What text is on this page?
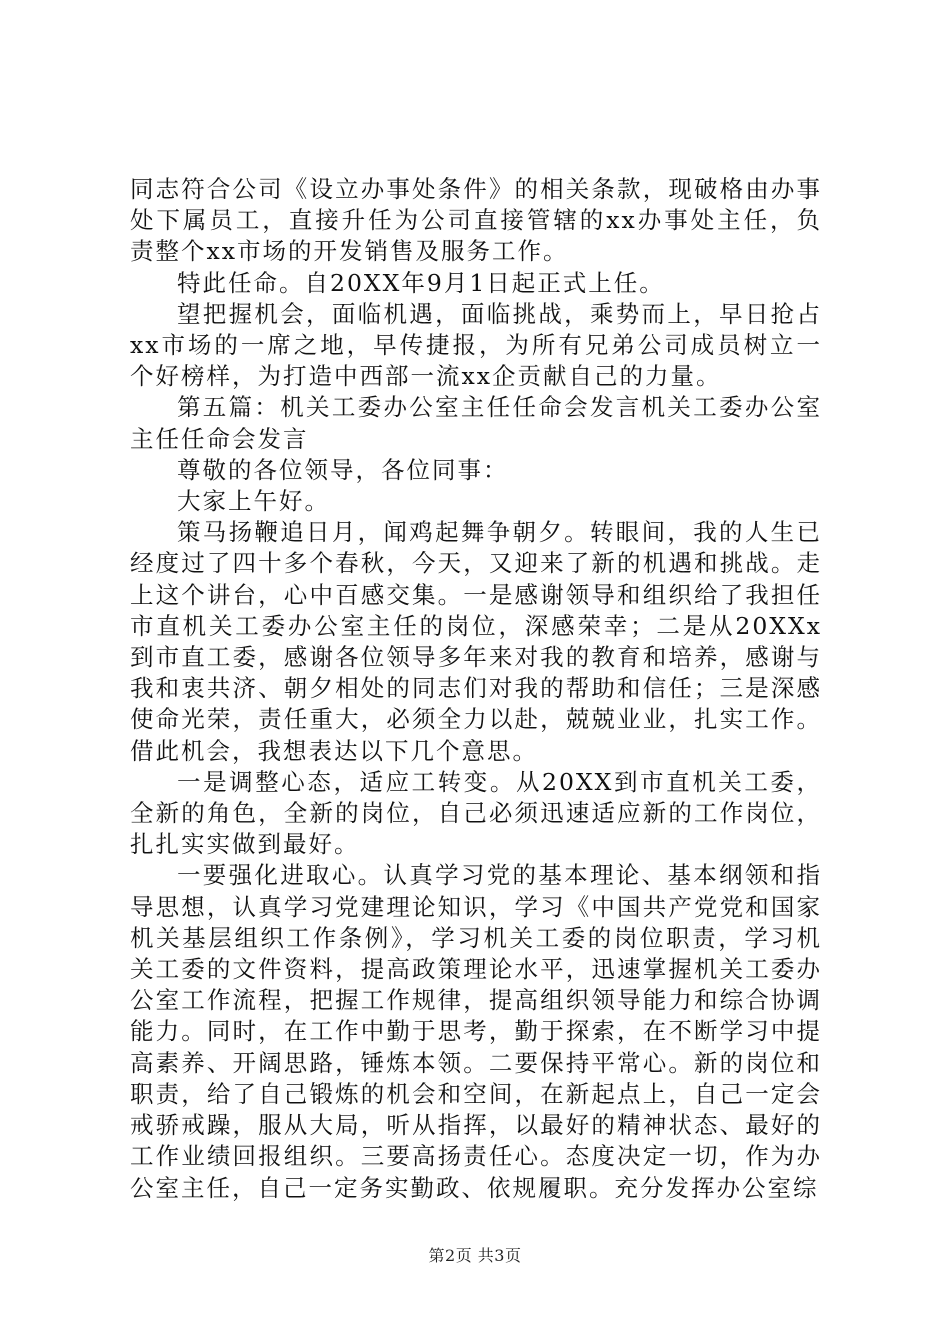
同志符合公司《设立办事处条件》的相关条款，现破格由办事处下属员工，直接升任为公司直接管辖的xx办事处主任，负责整个xx市场的开发销售及服务工作。

特此任命。自20XX年9月1日起正式上任。

望把握机会，面临机遇，面临挑战，乘势而上，早日抢占xx市场的一席之地，早传捷报，为所有兄弟公司成员树立一个好榜样，为打造中西部一流xx企贡献自己的力量。

第五篇：机关工委办公室主任任命会发言机关工委办公室主任任命会发言

尊敬的各位领导，各位同事：

大家上午好。

策马扬鞭追日月，闻鸡起舞争朝夕。转眼间，我的人生已经度过了四十多个春秋，今天，又迎来了新的机遇和挑战。走上这个讲台，心中百感交集。一是感谢领导和组织给了我担任市直机关工委办公室主任的岗位，深感荣幸；二是从20XXx到市直工委，感谢各位领导多年来对我的教育和培养，感谢与我和衷共济、朝夕相处的同志们对我的帮助和信任；三是深感使命光荣，责任重大，必须全力以赴，兢兢业业，扎实工作。借此机会，我想表达以下几个意思。

一是调整心态，适应工转变。从20XX到市直机关工委，全新的角色，全新的岗位，自己必须迅速适应新的工作岗位，扎扎实实做到最好。

一要强化进取心。认真学习党的基本理论、基本纲领和指导思想，认真学习党建理论知识，学习《中国共产党党和国家机关基层组织工作条例》，学习机关工委的岗位职责，学习机关工委的文件资料，提高政策理论水平，迅速掌握机关工委办公室工作流程，把握工作规律，提高组织领导能力和综合协调能力。同时，在工作中勤于思考，勤于探索，在不断学习中提高素养、开阔思路，锤炼本领。二要保持平常心。新的岗位和职责，给了自己锻炼的机会和空间，在新起点上，自己一定会戒骄戒躁，服从大局，听从指挥，以最好的精神状态、最好的工作业绩回报组织。三要高扬责任心。态度决定一切，作为办公室主任，自己一定务实勤政、依规履职。充分发挥办公室综

第2页 共3页
